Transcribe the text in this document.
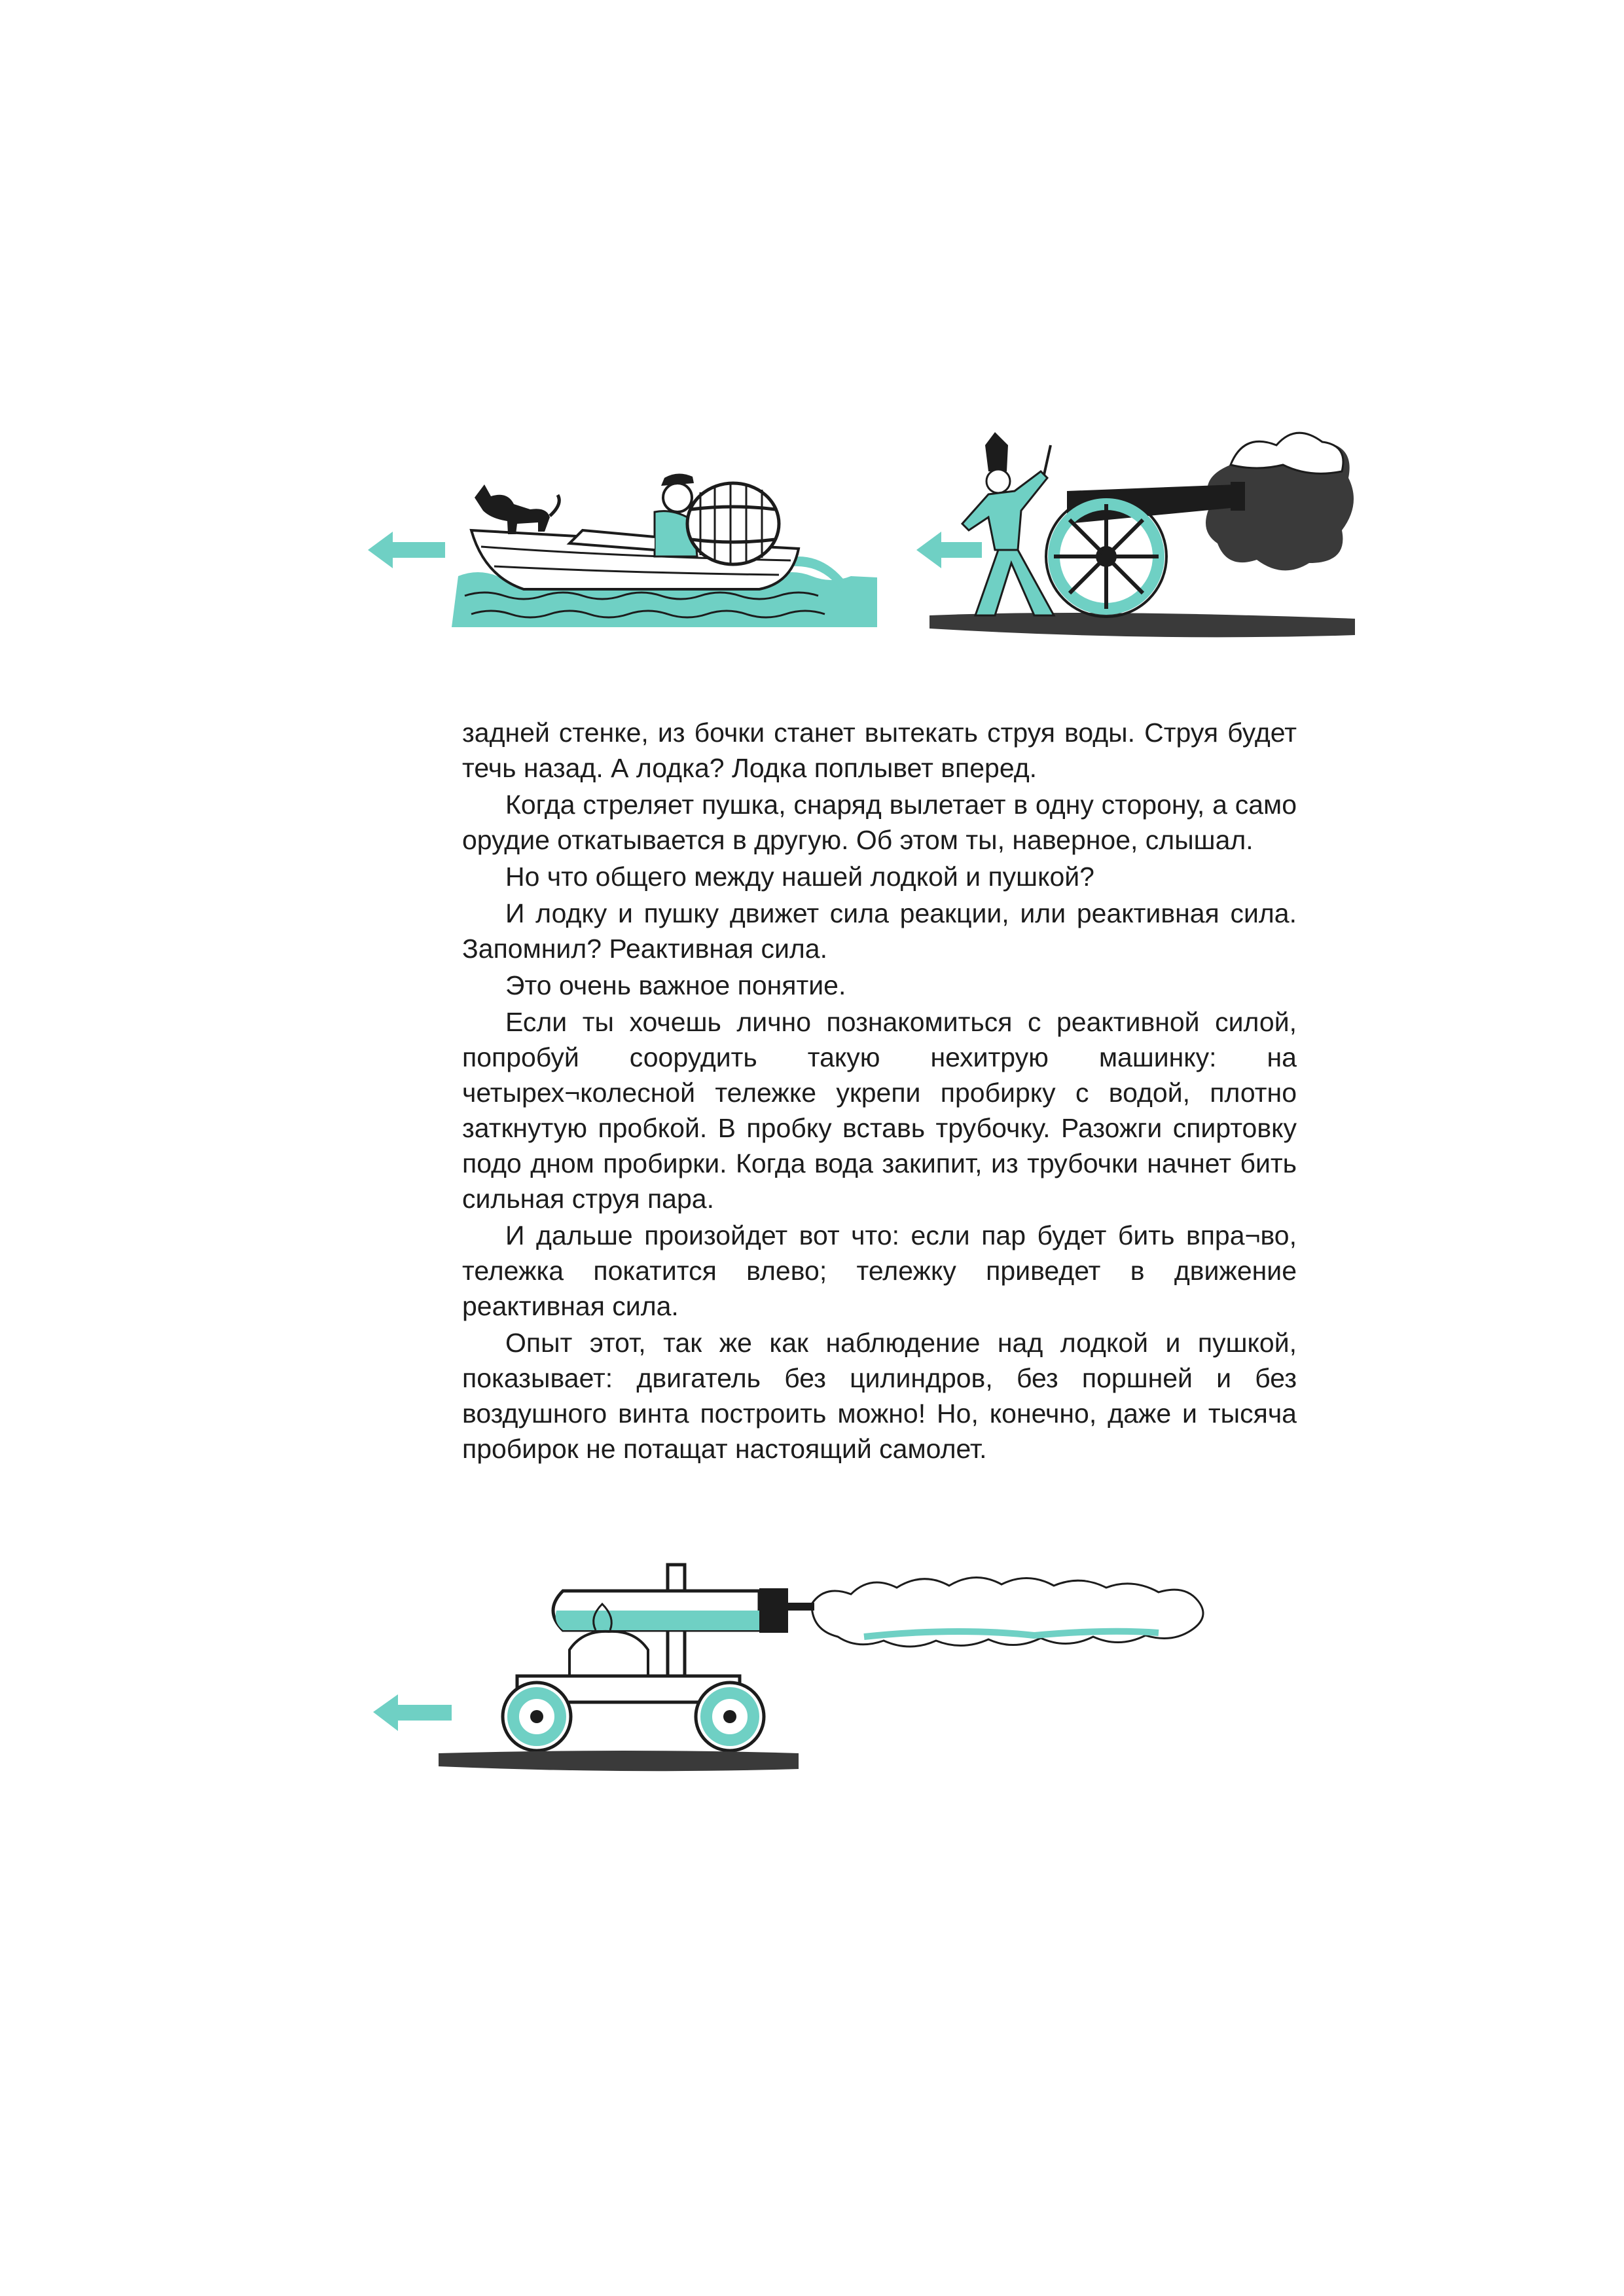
задней стенке, из бочки станет вытекать струя воды. Струя будет течь назад. А лодка? Лодка поплывет вперед.

Когда стреляет пушка, снаряд вылетает в одну сторону, а само орудие откатывается в другую. Об этом ты, наверное, слышал.

Но что общего между нашей лодкой и пушкой?

И лодку и пушку движет сила реакции, или реактивная сила. Запомнил? Реактивная сила.

Это очень важное понятие.

Если ты хочешь лично познакомиться с реактивной силой, попробуй соорудить такую нехитрую машинку: на четырех¬колесной тележке укрепи пробирку с водой, плотно заткнутую пробкой. В пробку вставь трубочку. Разожги спиртовку подо дном пробирки. Когда вода закипит, из трубочки начнет бить сильная струя пара.

И дальше произойдет вот что: если пар будет бить впра¬во, тележка покатится влево; тележку приведет в движение реактивная сила.

Опыт этот, так же как наблюдение над лодкой и пушкой, показывает: двигатель без цилиндров, без поршней и без воздушного винта построить можно! Но, конечно, даже и тысяча пробирок не потащат настоящий самолет.
